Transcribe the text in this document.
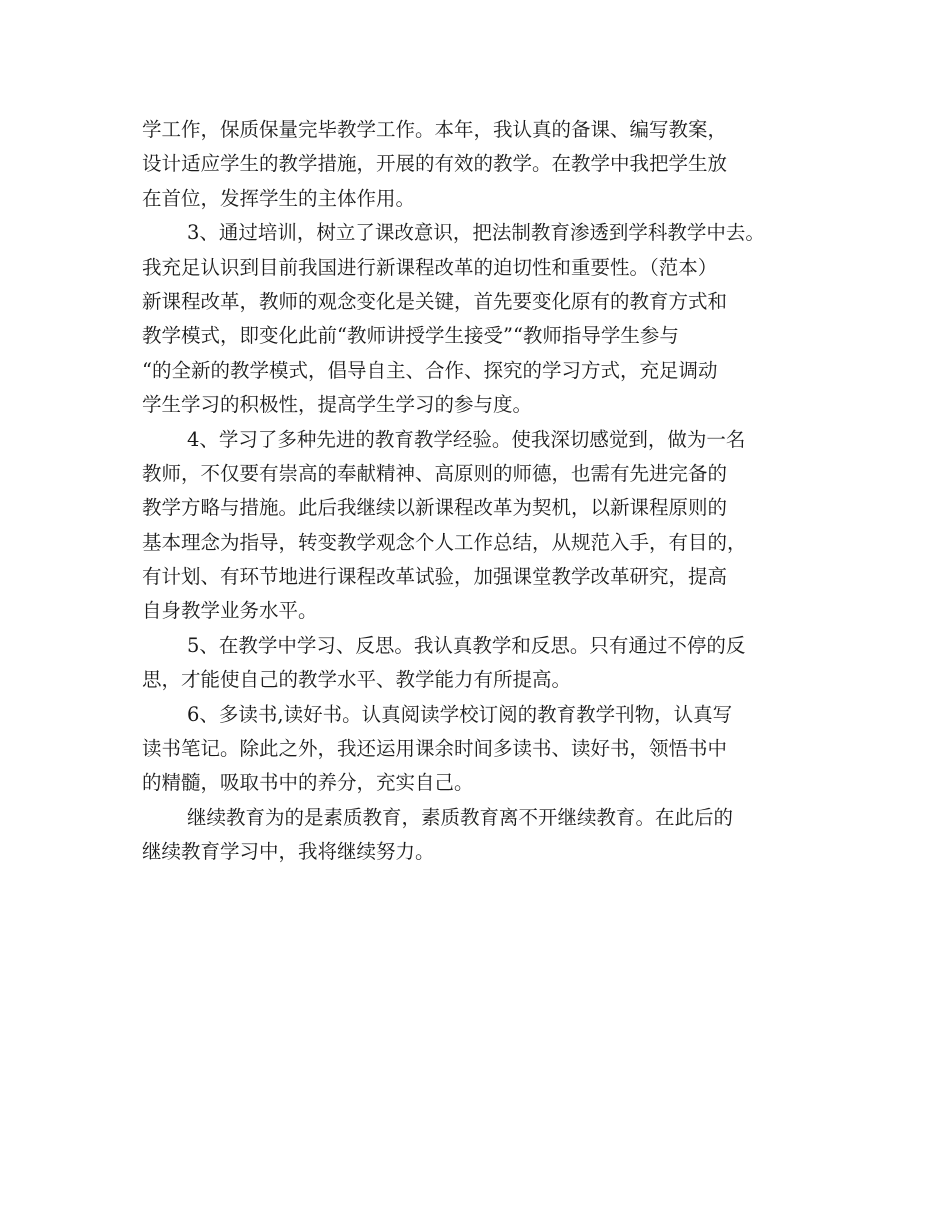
学工作，保质保量完毕教学工作。本年，我认真的备课、编写教案，
设计适应学生的教学措施，开展的有效的教学。在教学中我把学生放
在首位，发挥学生的主体作用。
3、通过培训，树立了课改意识，把法制教育渗透到学科教学中去。
我充足认识到目前我国进行新课程改革的迫切性和重要性。（范本）
新课程改革，教师的观念变化是关键，首先要变化原有的教育方式和
教学模式，即变化此前“教师讲授学生接受”“教师指导学生参与
“的全新的教学模式，倡导自主、合作、探究的学习方式，充足调动
学生学习的积极性，提高学生学习的参与度。
4、学习了多种先进的教育教学经验。使我深切感觉到，做为一名
教师，不仅要有崇高的奉献精神、高原则的师德，也需有先进完备的
教学方略与措施。此后我继续以新课程改革为契机，以新课程原则的
基本理念为指导，转变教学观念个人工作总结，从规范入手，有目的，
有计划、有环节地进行课程改革试验，加强课堂教学改革研究，提高
自身教学业务水平。
5、在教学中学习、反思。我认真教学和反思。只有通过不停的反
思，才能使自己的教学水平、教学能力有所提高。
6、多读书,读好书。认真阅读学校订阅的教育教学刊物，认真写
读书笔记。除此之外，我还运用课余时间多读书、读好书，领悟书中
的精髓，吸取书中的养分，充实自己。
继续教育为的是素质教育，素质教育离不开继续教育。在此后的
继续教育学习中，我将继续努力。
